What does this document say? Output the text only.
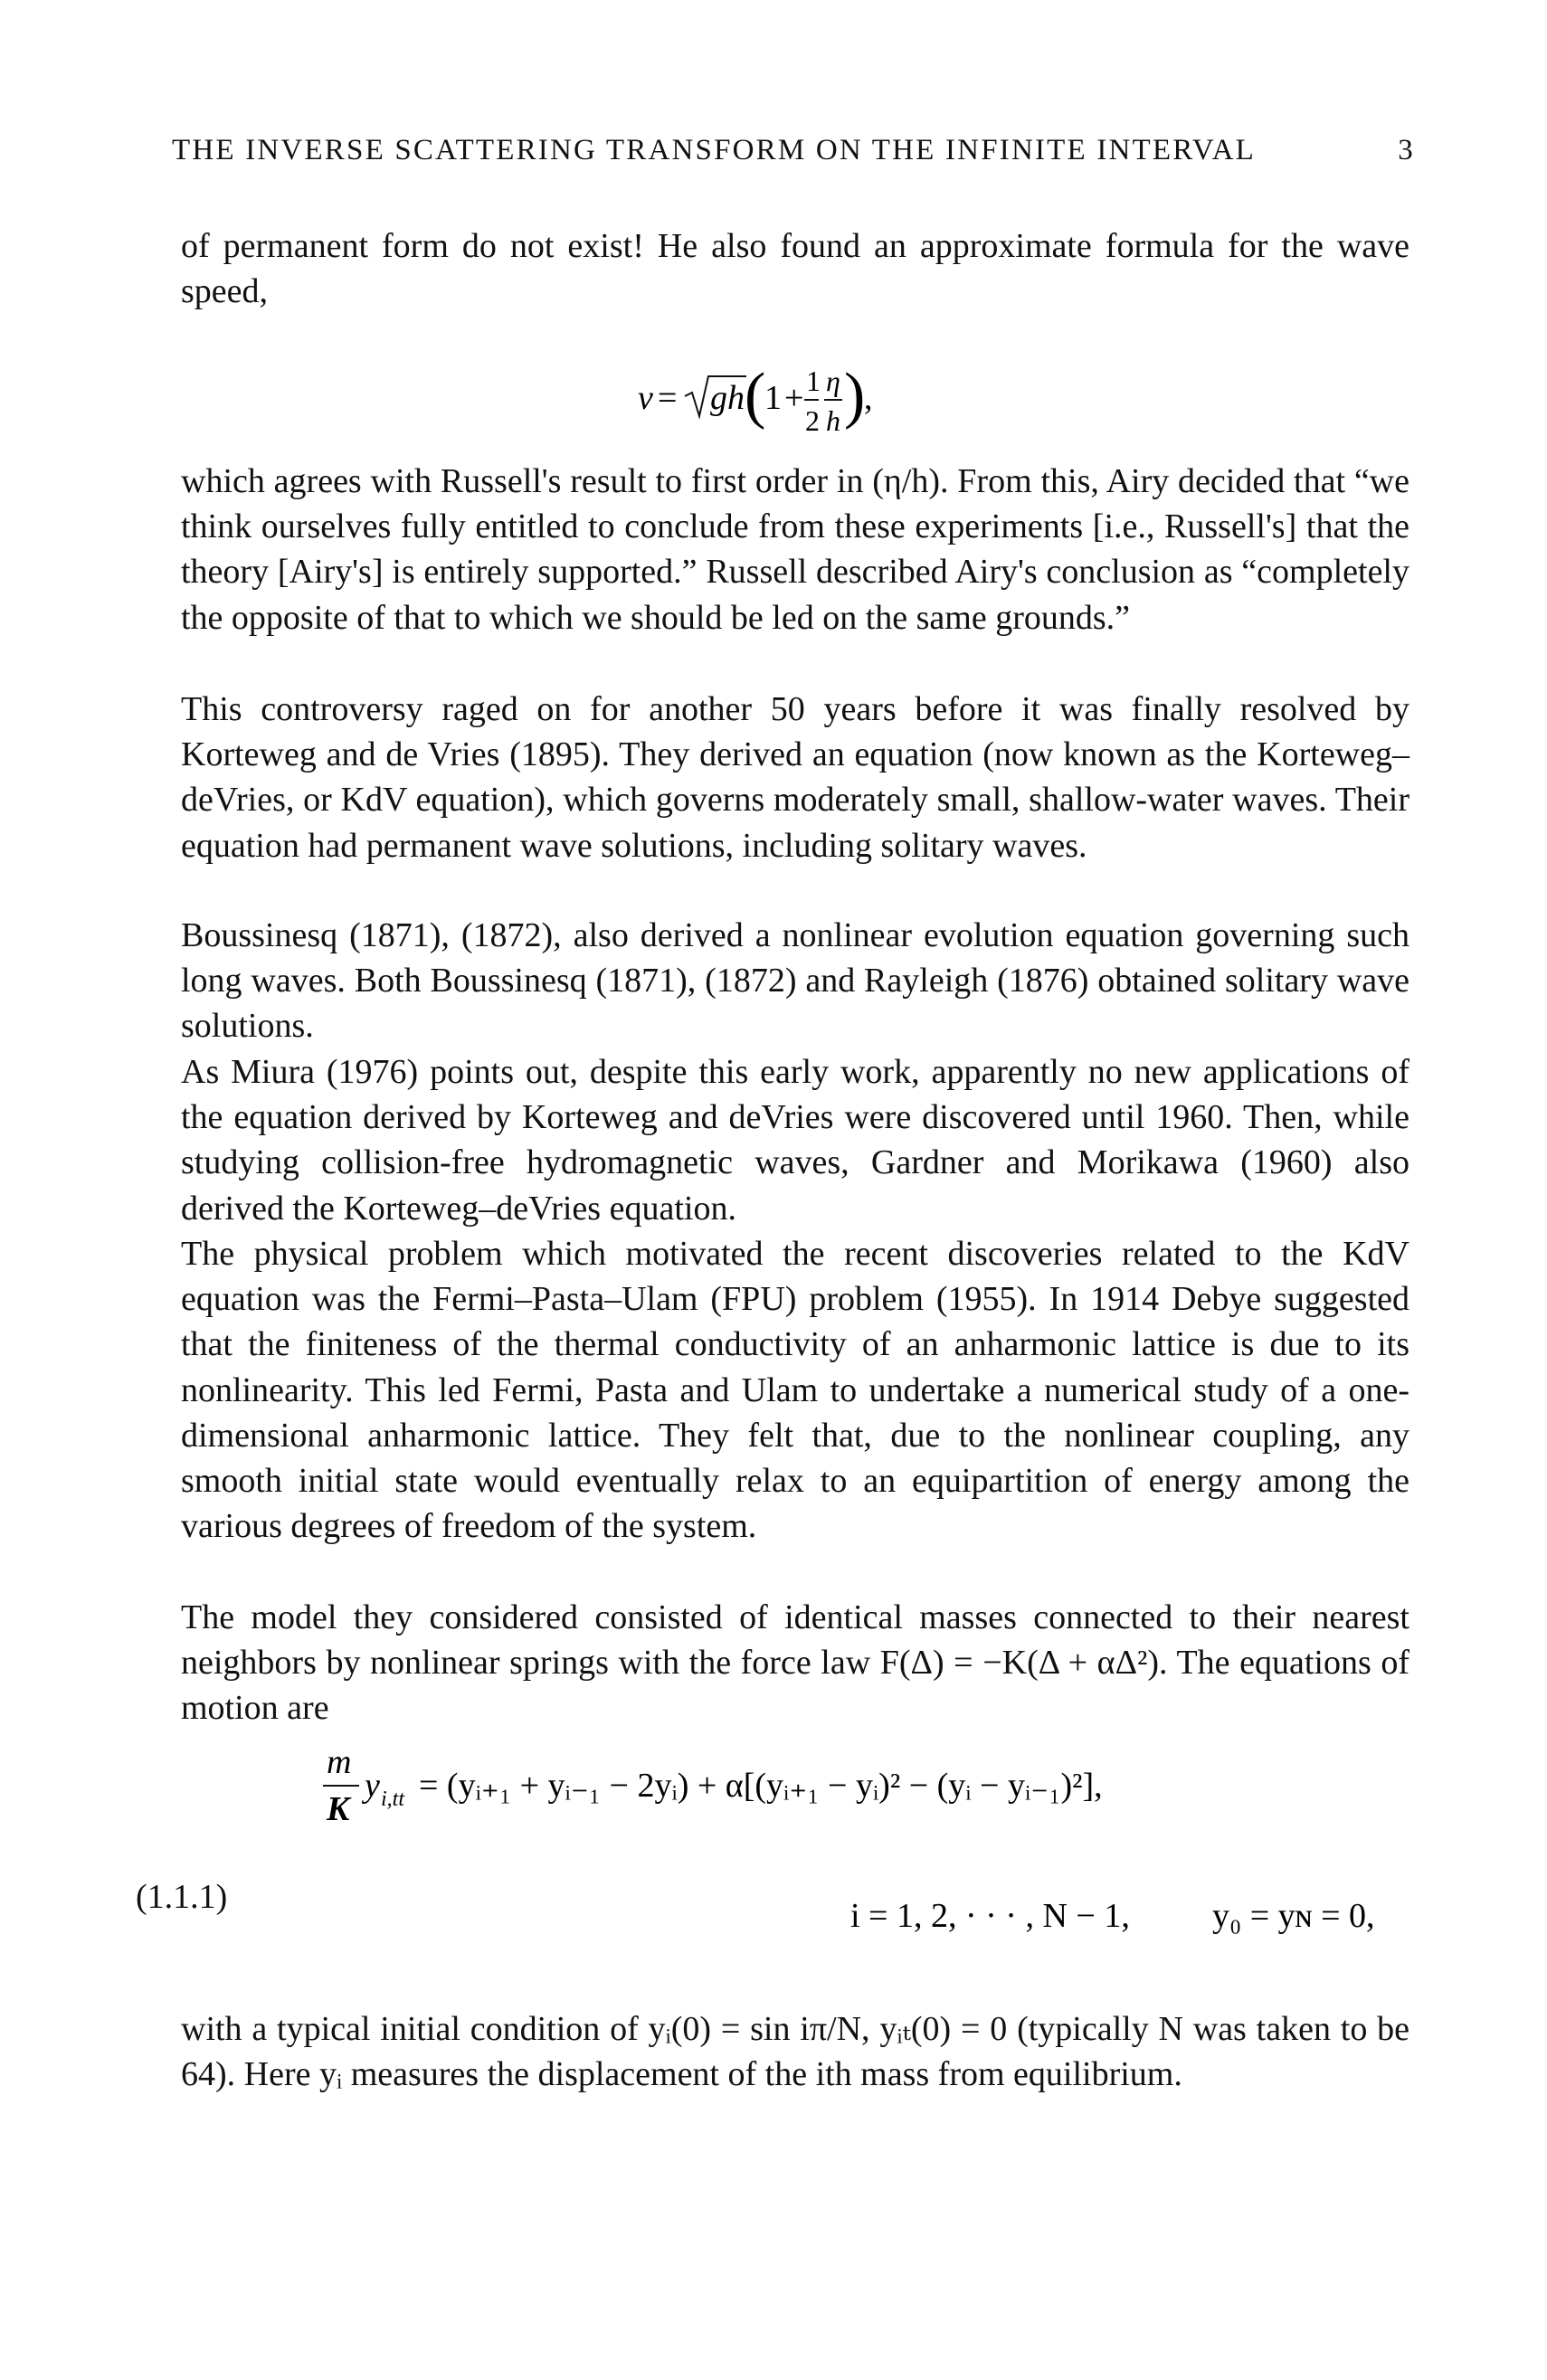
THE INVERSE SCATTERING TRANSFORM ON THE INFINITE INTERVAL	3

of permanent form do not exist! He also found an approximate formula for the wave speed,

v = gh (
1 + 1
2
η
h )
,

which agrees with Russell's result to first order in (η/h). From this, Airy decided that “we think ourselves fully entitled to conclude from these experiments [i.e., Russell's] that the theory [Airy's] is entirely supported.” Russell described Airy's conclusion as “completely the opposite of that to which we should be led on the same grounds.”

This controversy raged on for another 50 years before it was finally resolved by Korteweg and de Vries (1895). They derived an equation (now known as the Korteweg–deVries, or KdV equation), which governs moderately small, shallow-water waves. Their equation had permanent wave solutions, including solitary waves.

Boussinesq (1871), (1872), also derived a nonlinear evolution equation governing such long waves. Both Boussinesq (1871), (1872) and Rayleigh (1876) obtained solitary wave solutions.

As Miura (1976) points out, despite this early work, apparently no new applications of the equation derived by Korteweg and deVries were discovered until 1960. Then, while studying collision-free hydromagnetic waves, Gardner and Morikawa (1960) also derived the Korteweg–deVries equation.

The physical problem which motivated the recent discoveries related to the KdV equation was the Fermi–Pasta–Ulam (FPU) problem (1955). In 1914 Debye suggested that the finiteness of the thermal conductivity of an anharmonic lattice is due to its nonlinearity. This led Fermi, Pasta and Ulam to undertake a numerical study of a one-dimensional anharmonic lattice. They felt that, due to the nonlinear coupling, any smooth initial state would eventually relax to an equipartition of energy among the various degrees of freedom of the system.

The model they considered consisted of identical masses connected to their nearest neighbors by nonlinear springs with the force law F(Δ) = −K(Δ + αΔ²). The equations of motion are

m
K
y i,tt = (yᵢ₊₁ + yᵢ₋₁ − 2yᵢ) + α[(yᵢ₊₁ − yᵢ)² − (yᵢ − yᵢ₋₁)²],
i = 1, 2, · · · , N − 1, y₀ = yɴ = 0,
(1.1.1)

with a typical initial condition of yᵢ(0) = sin iπ/N, yᵢₜ(0) = 0 (typically N was taken to be 64). Here yᵢ measures the displacement of the ith mass from equilibrium.
